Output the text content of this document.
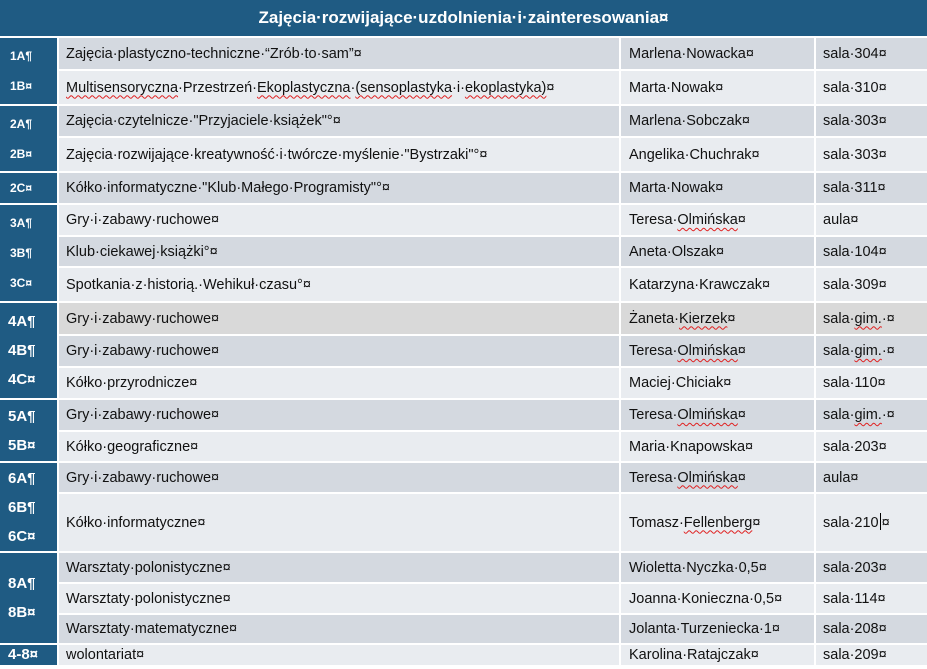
Zajęcia·rozwijające·uzdolnienia·i·zainteresowania¤			

1A¶
1B¤	Zajęcia·plastyczno-techniczne·“Zrób·to·sam”¤	Marlena·Nowacka¤	sala·304¤
	Multisensoryczna·Przestrzeń·Ekoplastyczna·(sensoplastyka·i·ekoplastyka)¤	Marta·Nowak¤	sala·310¤

2A¶
2B¤	Zajęcia·czytelnicze·"Przyjaciele·książek"°¤	Marlena·Sobczak¤	sala·303¤
	Zajęcia·rozwijające·kreatywność·i·twórcze·myślenie·"Bystrzaki"°¤	Angelika·Chuchrak¤	sala·303¤

2C¤	Kółko·informatyczne·"Klub·Małego·Programisty"°¤	Marta·Nowak¤	sala·311¤

3A¶
3B¶
3C¤	Gry·i·zabawy·ruchowe¤	Teresa·Olmińska¤	aula¤
	Klub·ciekawej·książki°¤	Aneta·Olszak¤	sala·104¤
	Spotkania·z·historią.·Wehikuł·czasu°¤	Katarzyna·Krawczak¤	sala·309¤

4A¶
4B¶
4C¤	Gry·i·zabawy·ruchowe¤	Żaneta·Kierzek¤	sala·gim.·¤
	Gry·i·zabawy·ruchowe¤	Teresa·Olmińska¤	sala·gim.·¤
	Kółko·przyrodnicze¤	Maciej·Chiciak¤	sala·110¤

5A¶
5B¤	Gry·i·zabawy·ruchowe¤	Teresa·Olmińska¤	sala·gim.·¤
	Kółko·geograficzne¤	Maria·Knapowska¤	sala·203¤

6A¶
6B¶
6C¤	Gry·i·zabawy·ruchowe¤	Teresa·Olmińska¤	aula¤
	Kółko·informatyczne¤	Tomasz·Fellenberg¤	sala·210 ¤

8A¶
8B¤	Warsztaty·polonistyczne¤	Wioletta·Nyczka·0,5¤	sala·203¤
	Warsztaty·polonistyczne¤	Joanna·Konieczna·0,5¤	sala·114¤
	Warsztaty·matematyczne¤	Jolanta·Turzeniecka·1¤	sala·208¤

4-8¤	wolontariat¤	Karolina·Ratajczak¤	sala·209¤
